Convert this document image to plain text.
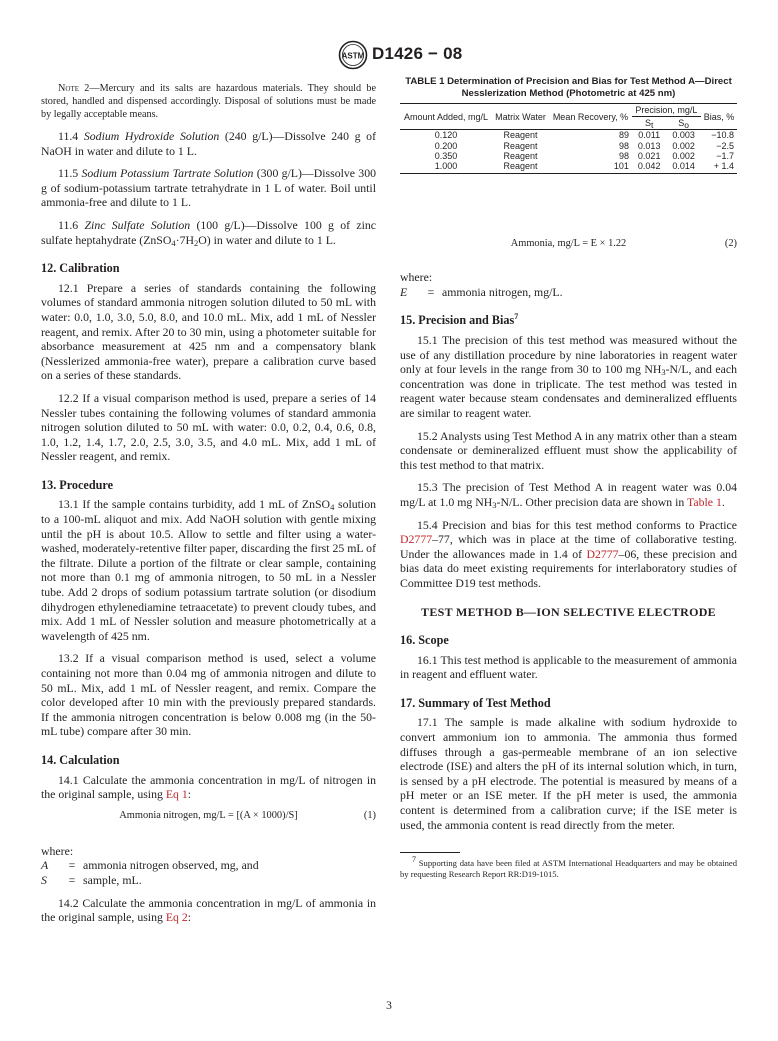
ASTM D1426 − 08

Note 2—Mercury and its salts are hazardous materials. They should be stored, handled and dispensed accordingly. Disposal of solutions must be made by legally acceptable means.

11.4 Sodium Hydroxide Solution (240 g/L)—Dissolve 240 g of NaOH in water and dilute to 1 L.

11.5 Sodium Potassium Tartrate Solution (300 g/L)—Dissolve 300 g of sodium-potassium tartrate tetrahydrate in 1 L of water. Boil until ammonia-free and dilute to 1 L.

11.6 Zinc Sulfate Solution (100 g/L)—Dissolve 100 g of zinc sulfate heptahydrate $(ZnSO_4\cdot 7H_2O)$ in water and dilute to 1 L.

12. Calibration

12.1 Prepare a series of standards containing the following volumes of standard ammonia nitrogen solution diluted to 50 mL with water: 0.0, 1.0, 3.0, 5.0, 8.0, and 10.0 mL. Mix, add 1 mL of Nessler reagent, and remix. After 20 to 30 min, using a photometer suitable for absorbance measurement at 425 nm and a compensatory blank (Nesslerized ammonia-free water), prepare a calibration curve based on a series of these standards.

12.2 If a visual comparison method is used, prepare a series of 14 Nessler tubes containing the following volumes of standard ammonia nitrogen solution diluted to 50 mL with water: 0.0, 0.2, 0.4, 0.6, 0.8, 1.0, 1.2, 1.4, 1.7, 2.0, 2.5, 3.0, 3.5, and 4.0 mL. Mix, add 1 mL of Nessler reagent, and remix.

13. Procedure

13.1 If the sample contains turbidity, add 1 mL of ZnSO$_4$ solution to a 100-mL aliquot and mix. Add NaOH solution with gentle mixing until the pH is about 10.5. Allow to settle and filter using a water-washed, moderately-retentive filter paper, discarding the first 25 mL of the filtrate. Dilute a portion of the filtrate or clear sample, containing not more than 0.1 mg of ammonia nitrogen, to 50 mL in a Nessler tube. Add 2 drops of sodium potassium tartrate solution (or disodium dihydrogen ethylenediamine tetraacetate) to prevent cloudy tubes, and mix. Add 1 mL of Nessler solution and measure photometrically at a wavelength of 425 nm.

13.2 If a visual comparison method is used, select a volume containing not more than 0.04 mg of ammonia nitrogen and dilute to 50 mL. Mix, add 1 mL of Nessler reagent, and remix. Compare the color developed after 10 min with the previously prepared standards. If the ammonia nitrogen concentration is below 0.008 mg (in the 50-mL tube) compare after 30 min.

14. Calculation

14.1 Calculate the ammonia concentration in mg/L of nitrogen in the original sample, using Eq 1:

Ammonia nitrogen, mg/L = [(A × 1000)/S]	(1)

where:

A	= ammonia nitrogen observed, mg, and
S	= sample, mL.

14.2 Calculate the ammonia concentration in mg/L of ammonia in the original sample, using Eq 2:

TABLE 1 Determination of Precision and Bias for Test Method A—Direct Nesslerization Method (Photometric at 425 nm)

Amount Added, mg/L	Matrix Water	Mean Recovery, %	Precision, mg/L		Bias, %
			$S_t$	$S_o$
0.120	Reagent	89	0.011	0.003	−10.8
0.200	Reagent	98	0.013	0.002	−2.5
0.350	Reagent	98	0.021	0.002	−1.7
1.000	Reagent	101	0.042	0.014	+ 1.4
Ammonia, mg/L = E × 1.22	(2)

where:

E	= ammonia nitrogen, mg/L.
15. Precision and Bias$^7$

15.1 The precision of this test method was measured without the use of any distillation procedure by nine laboratories in reagent water only at four levels in the range from 30 to 100 mg $NH_3-N/L$, and each concentration was done in triplicate. The test method was tested in reagent water because steam condensates and demineralized effluents are similar to reagent water.

15.2 Analysts using Test Method A in any matrix other than a steam condensate or demineralized effluent must show the applicability of this test method to that matrix.

15.3 The precision of Test Method A in reagent water was 0.04 mg/L at 1.0 mg $NH_3-N/L$. Other precision data are shown in Table 1.

15.4 Precision and bias for this test method conforms to Practice D2777–77, which was in place at the time of collaborative testing. Under the allowances made in 1.4 of D2777–06, these precision and bias data do meet existing requirements for interlaboratory studies of Committee D19 test methods.

TEST METHOD B—ION SELECTIVE ELECTRODE
16. Scope

16.1 This test method is applicable to the measurement of ammonia in reagent and effluent water.

17. Summary of Test Method

17.1 The sample is made alkaline with sodium hydroxide to convert ammonium ion to ammonia. The ammonia thus formed diffuses through a gas-permeable membrane of an ion selective electrode (ISE) and alters the pH of its internal solution which, in turn, is sensed by a pH electrode. The potential is measured by means of a pH meter or an ISE meter. If the pH meter is used, the ammonia content is determined from a calibration curve; if the ISE meter is used, the ammonia content is read directly from the meter.

$^7$ Supporting data have been filed at ASTM International Headquarters and may be obtained by requesting Research Report RR:D19-1015.

3
